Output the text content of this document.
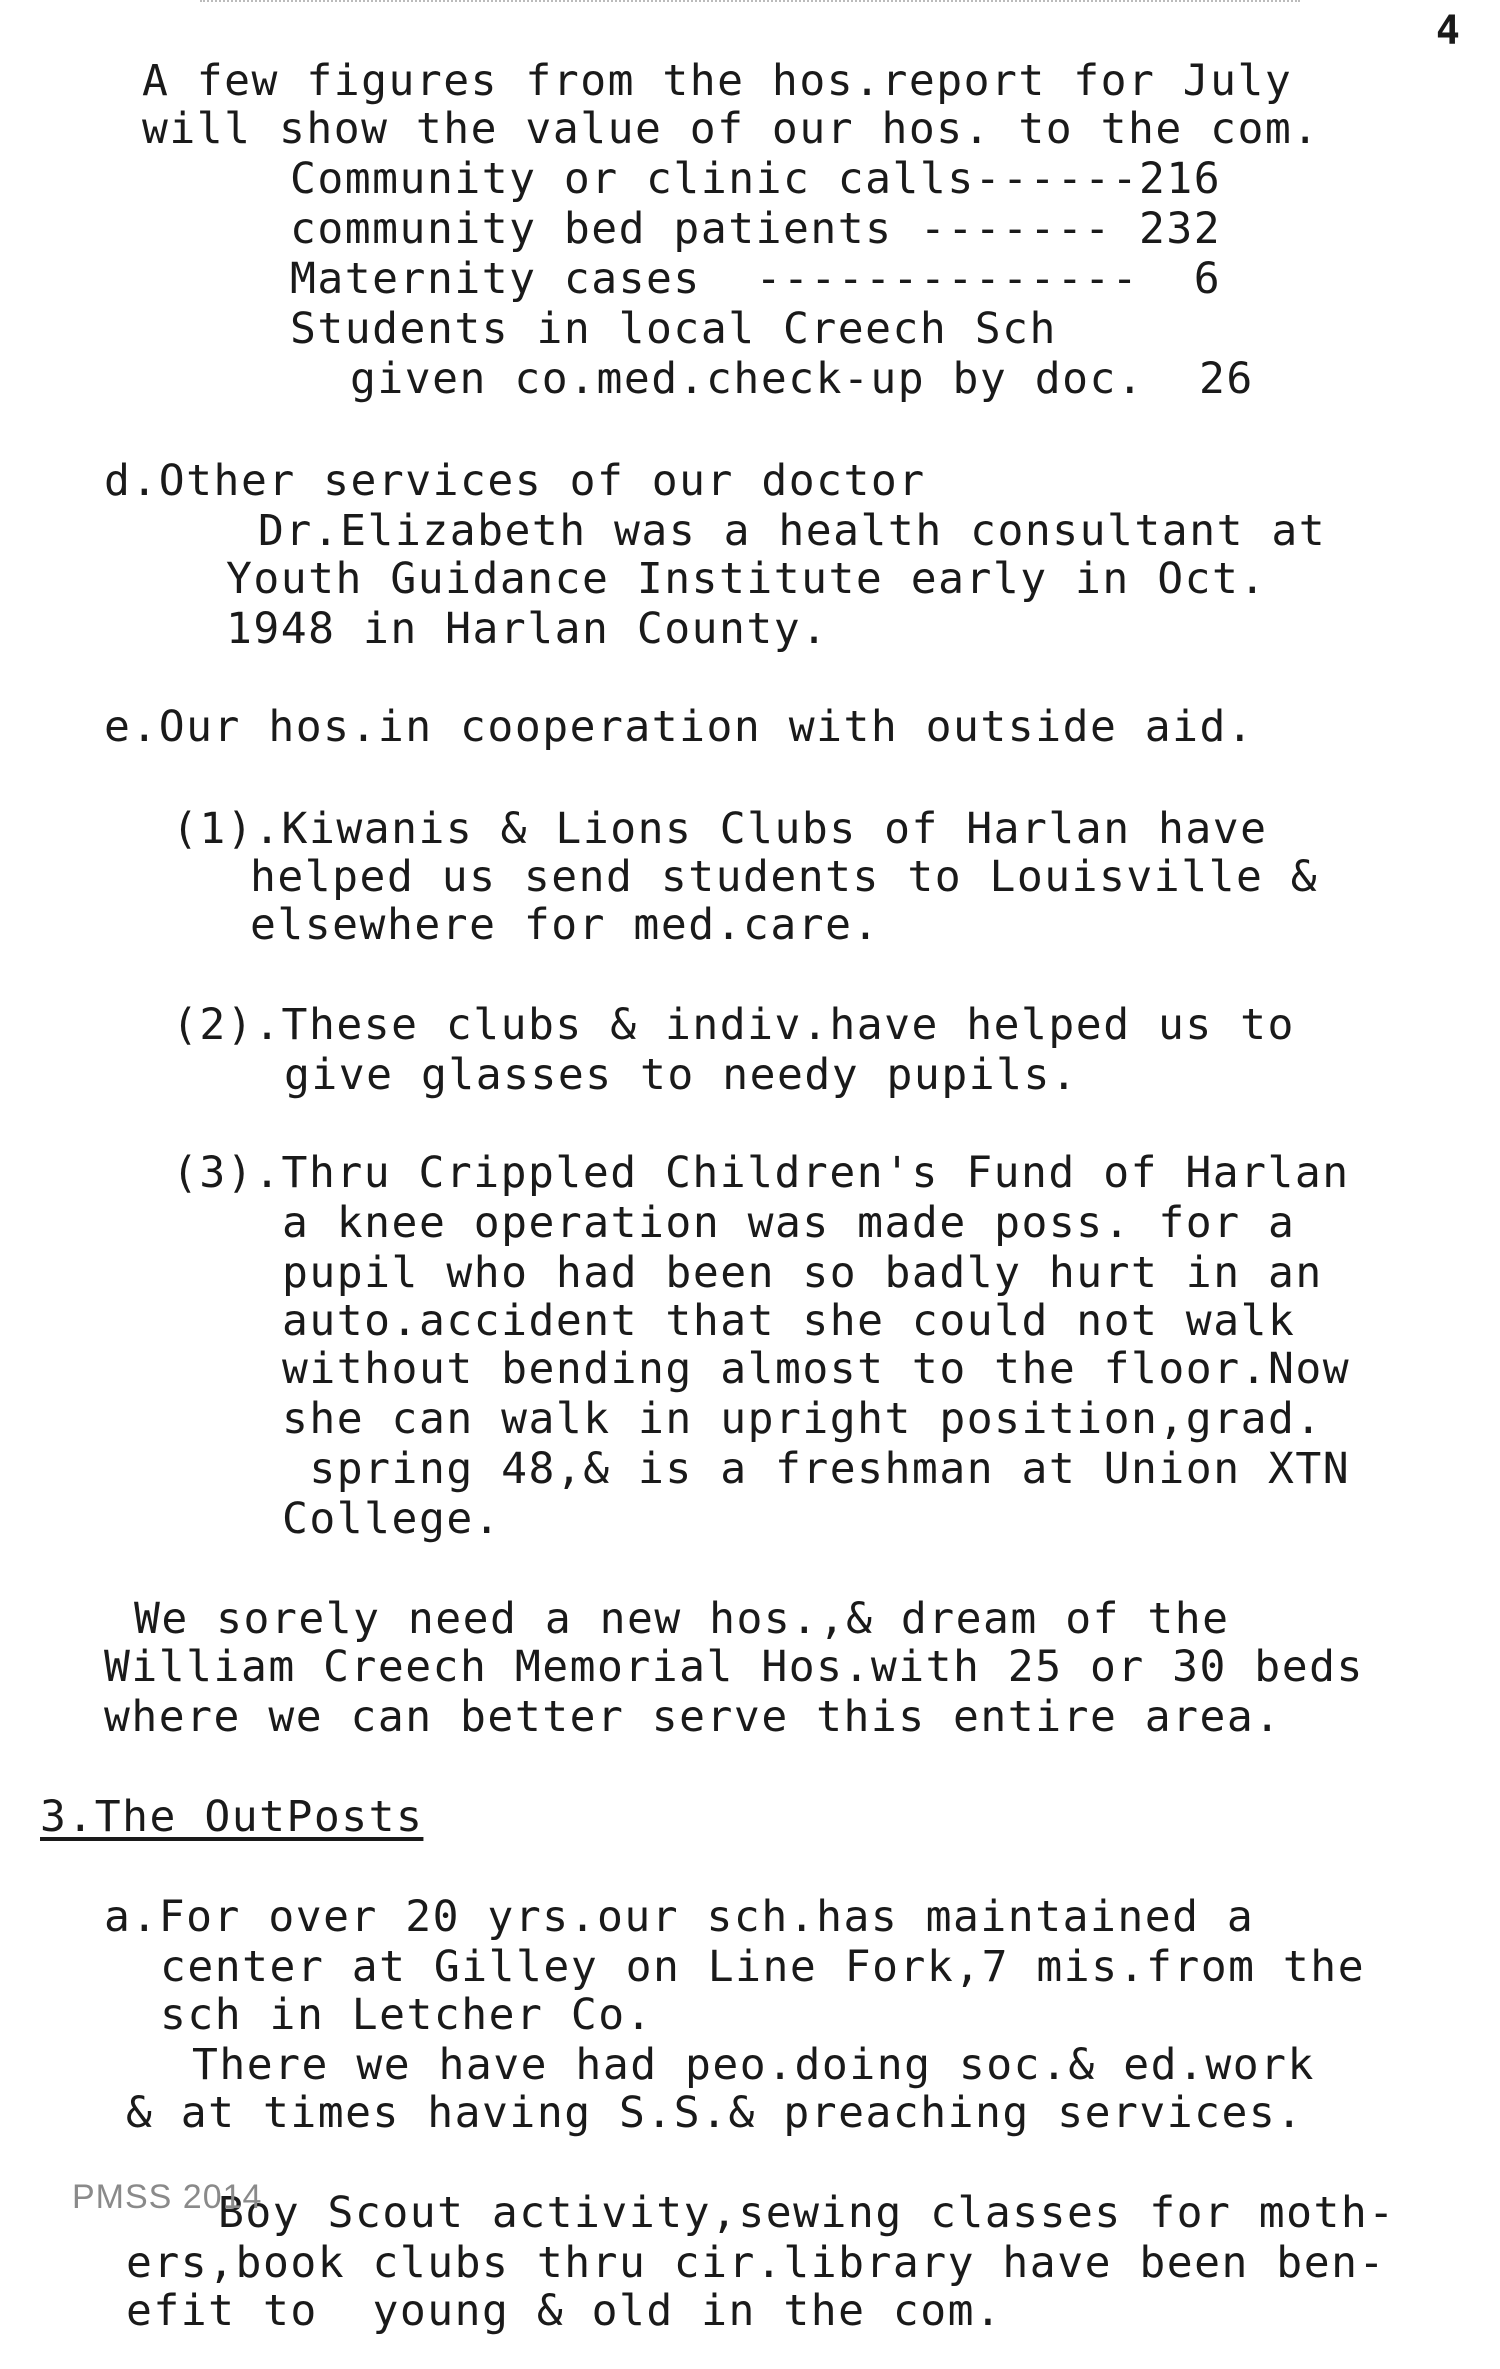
4
A few figures from the hos.report for July
will show the value of our hos. to the com.
Community or clinic calls------216
community bed patients ------- 232
Maternity cases  --------------  6
Students in local Creech Sch
given co.med.check-up by doc.  26
d.Other services of our doctor
Dr.Elizabeth was a health consultant at
Youth Guidance Institute early in Oct.
1948 in Harlan County.
e.Our hos.in cooperation with outside aid.
(1).Kiwanis & Lions Clubs of Harlan have
helped us send students to Louisville &
elsewhere for med.care.
(2).These clubs & indiv.have helped us to
give glasses to needy pupils.
(3).Thru Crippled Children's Fund of Harlan
a knee operation was made poss. for a
pupil who had been so badly hurt in an
auto.accident that she could not walk
without bending almost to the floor.Now
she can walk in upright position,grad.
spring 48,& is a freshman at Union XTN
College.
We sorely need a new hos.,& dream of the
William Creech Memorial Hos.with 25 or 30 beds
where we can better serve this entire area.
3.The OutPosts
a.For over 20 yrs.our sch.has maintained a
center at Gilley on Line Fork,7 mis.from the
sch in Letcher Co.
There we have had peo.doing soc.& ed.work
& at times having S.S.& preaching services.
Boy Scout activity,sewing classes for moth-
ers,book clubs thru cir.library have been ben-
efit to  young & old in the com.
PMSS 2014
